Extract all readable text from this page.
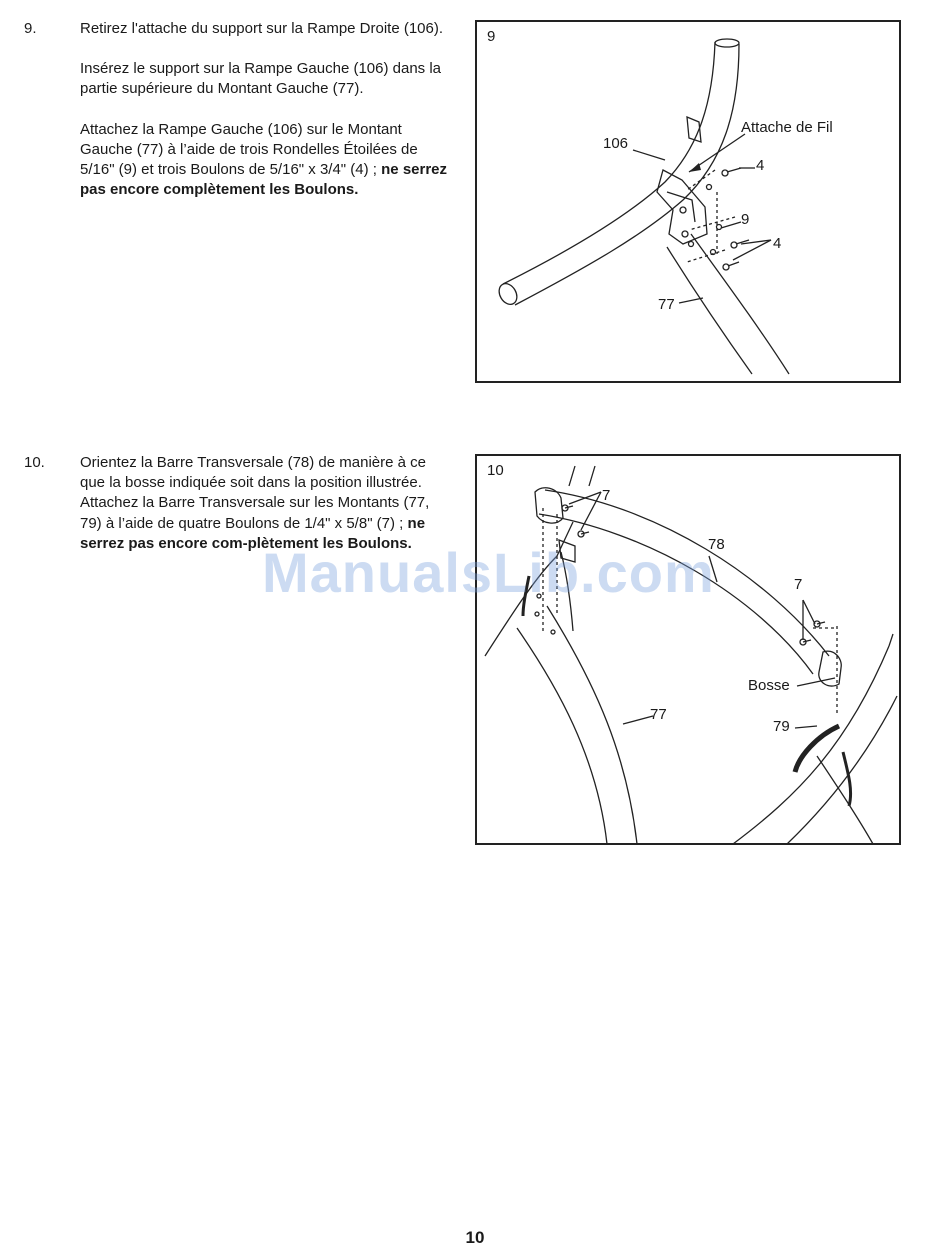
9.	Retirez l'attache du support sur la Rampe Droite (106).

Insérez le support sur la Rampe Gauche (106) dans la partie supérieure du Montant Gauche (77).

Attachez la Rampe Gauche (106) sur le Montant Gauche (77) à l’aide de trois Rondelles Étoilées de 5/16" (9) et trois Boulons de 5/16" x 3/4" (4) ; ne serrez pas encore complètement les Boulons.

10. Orientez la Barre Transversale (78) de manière à ce que la bosse indiquée soit dans la position illustrée. Attachez la Barre Transversale sur les Montants (77, 79) à l’aide de quatre Boulons de 1/4" x 5/8" (7) ; ne serrez pas encore com-plètement les Boulons.
9
106
Attache de Fil
4
9
4
77
10
7
78
7
Bosse
77
79
ManualsLib.com
10
